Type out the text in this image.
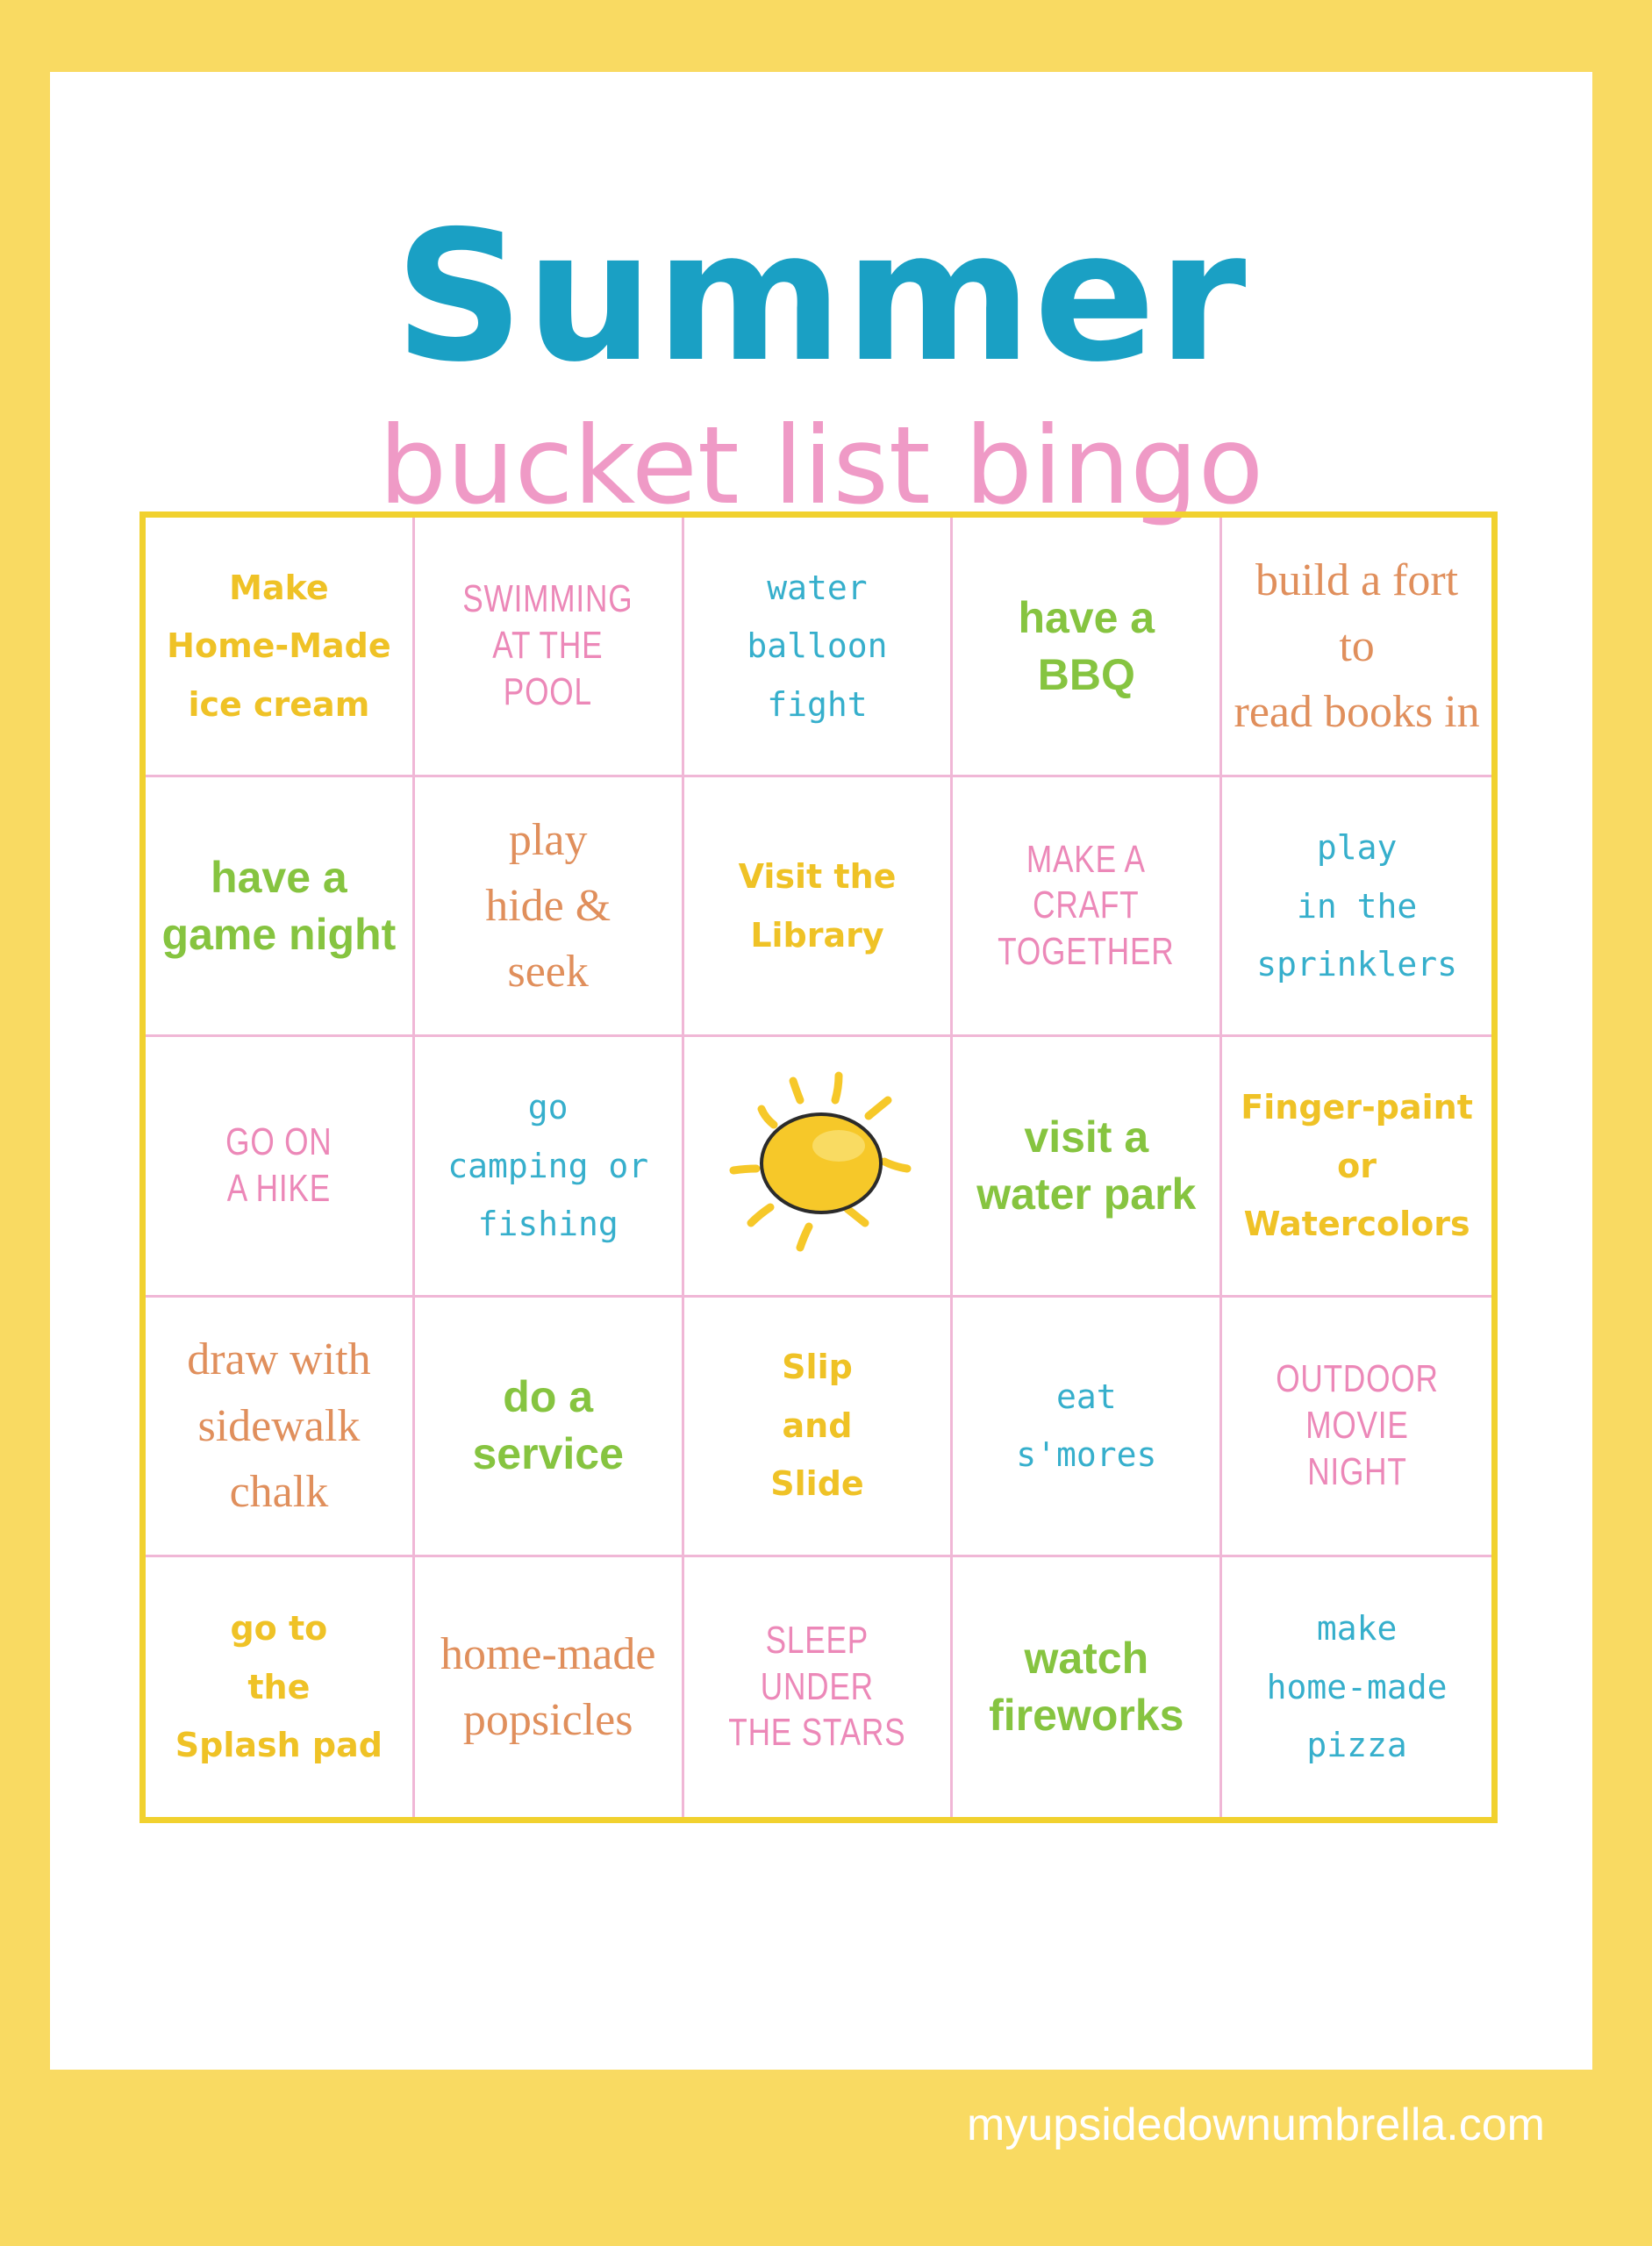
Summer
bucket list bingo
Make
Home-Made
ice cream
SWIMMING
AT THE
POOL
water
balloon fight
have a BBQ
build a fort to
read books in
have a
game night
play
hide &
seek
Visit the
Library
MAKE A
CRAFT
TOGETHER
play
in the
sprinklers
GO ON
A HIKE
go
camping or
fishing
visit a
water park
Finger-paint
or
Watercolors
draw with
sidewalk chalk
do a
service
Slip
and
Slide
eat
s'mores
OUTDOOR
MOVIE
NIGHT
go to
the
Splash pad
home-made
popsicles
SLEEP
UNDER
THE STARS
watch
fireworks
make
home-made
pizza
myupsidedownumbrella.com
